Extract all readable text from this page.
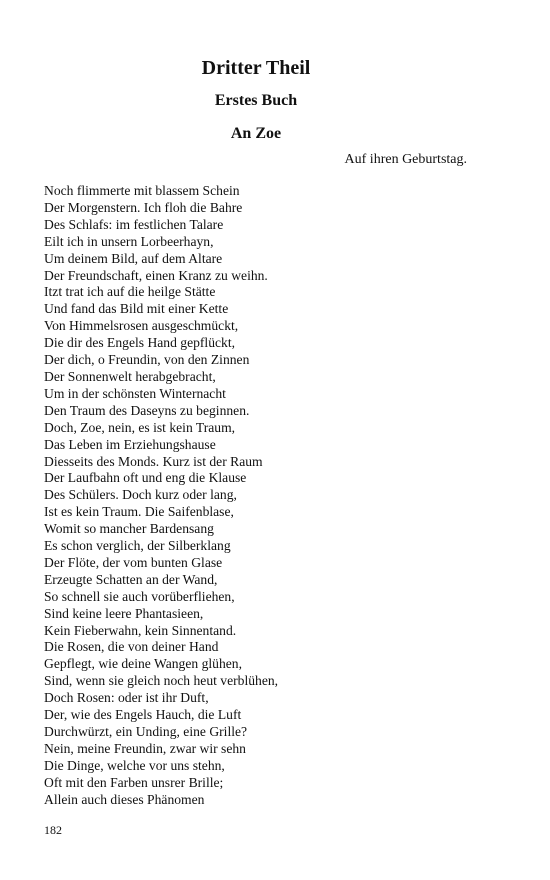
Dritter Theil
Erstes Buch
An Zoe
Auf ihren Geburtstag.
Noch flimmerte mit blassem Schein
Der Morgenstern. Ich floh die Bahre
Des Schlafs: im festlichen Talare
Eilt ich in unsern Lorbeerhayn,
Um deinem Bild, auf dem Altare
Der Freundschaft, einen Kranz zu weihn.
Itzt trat ich auf die heilge Stätte
Und fand das Bild mit einer Kette
Von Himmelsrosen ausgeschmückt,
Die dir des Engels Hand gepflückt,
Der dich, o Freundin, von den Zinnen
Der Sonnenwelt herabgebracht,
Um in der schönsten Winternacht
Den Traum des Daseyns zu beginnen.
Doch, Zoe, nein, es ist kein Traum,
Das Leben im Erziehungshause
Diesseits des Monds. Kurz ist der Raum
Der Laufbahn oft und eng die Klause
Des Schülers. Doch kurz oder lang,
Ist es kein Traum. Die Saifenblase,
Womit so mancher Bardensang
Es schon verglich, der Silberklang
Der Flöte, der vom bunten Glase
Erzeugte Schatten an der Wand,
So schnell sie auch vorüberfliehen,
Sind keine leere Phantasieen,
Kein Fieberwahn, kein Sinnentand.
Die Rosen, die von deiner Hand
Gepflegt, wie deine Wangen glühen,
Sind, wenn sie gleich noch heut verblühen,
Doch Rosen: oder ist ihr Duft,
Der, wie des Engels Hauch, die Luft
Durchwürzt, ein Unding, eine Grille?
Nein, meine Freundin, zwar wir sehn
Die Dinge, welche vor uns stehn,
Oft mit den Farben unsrer Brille;
Allein auch dieses Phänomen
182
